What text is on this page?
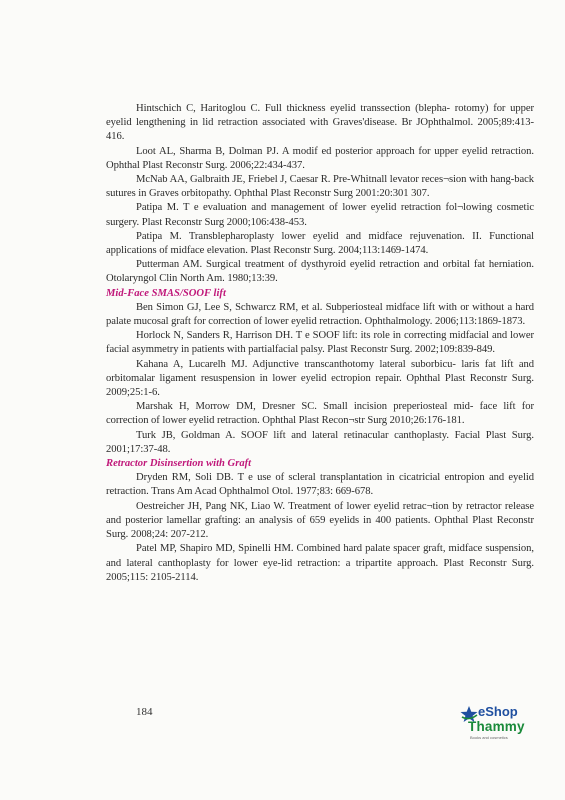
Hintschich C, Haritoglou C. Full thickness eyelid transsection (blepha- rotomy) for upper eyelid lengthening in lid retraction associated with Graves'disease. Br JOphthalmol. 2005;89:413-416.

Loot AL, Sharma B, Dolman PJ. A modif ed posterior approach for upper eyelid retraction. Ophthal Plast Reconstr Surg. 2006;22:434-437.

McNab AA, Galbraith JE, Friebel J, Caesar R. Pre-Whitnall levator reces¬sion with hang-back sutures in Graves orbitopathy. Ophthal Plast Reconstr Surg 2001:20:301 307.

Patipa M. T e evaluation and management of lower eyelid retraction fol¬lowing cosmetic surgery. Plast Reconstr Surg 2000;106:438-453.

Patipa M. Transblepharoplasty lower eyelid and midface rejuvenation. II. Functional applications of midface elevation. Plast Reconstr Surg. 2004;113:1469-1474.

Putterman AM. Surgical treatment of dysthyroid eyelid retraction and orbital fat herniation. Otolaryngol Clin North Am. 1980;13:39.

Mid-Face SMAS/SOOF lift

Ben Simon GJ, Lee S, Schwarcz RM, et al. Subperiosteal midface lift with or without a hard palate mucosal graft for correction of lower eyelid retraction. Ophthalmology. 2006;113:1869-1873.

Horlock N, Sanders R, Harrison DH. T e SOOF lift: its role in correcting midfacial and lower facial asymmetry in patients with partialfacial palsy. Plast Reconstr Surg. 2002;109:839-849.

Kahana A, Lucarelh MJ. Adjunctive transcanthotomy lateral suborbicu- laris fat lift and orbitomalar ligament resuspension in lower eyelid ectropion repair. Ophthal Plast Reconstr Surg. 2009;25:1-6.

Marshak H, Morrow DM, Dresner SC. Small incision preperiosteal mid- face lift for correction of lower eyelid retraction. Ophthal Plast Recon¬str Surg 2010;26:176-181.

Turk JB, Goldman A. SOOF lift and lateral retinacular canthoplasty. Facial Plast Surg. 2001;17:37-48.

Retractor Disinsertion with Graft

Dryden RM, Soli DB. T e use of scleral transplantation in cicatricial entropion and eyelid retraction. Trans Am Acad Ophthalmol Otol. 1977;83: 669-678.

Oestreicher JH, Pang NK, Liao W. Treatment of lower eyelid retrac¬tion by retractor release and posterior lamellar grafting: an analysis of 659 eyelids in 400 patients. Ophthal Plast Reconstr Surg. 2008;24: 207-212.

Patel MP, Shapiro MD, Spinelli HM. Combined hard palate spacer graft, midface suspension, and lateral canthoplasty for lower eye-lid retraction: a tripartite approach. Plast Reconstr Surg. 2005;115: 2105-2114.

184	eShop
Thammy
Books and cosmetics
